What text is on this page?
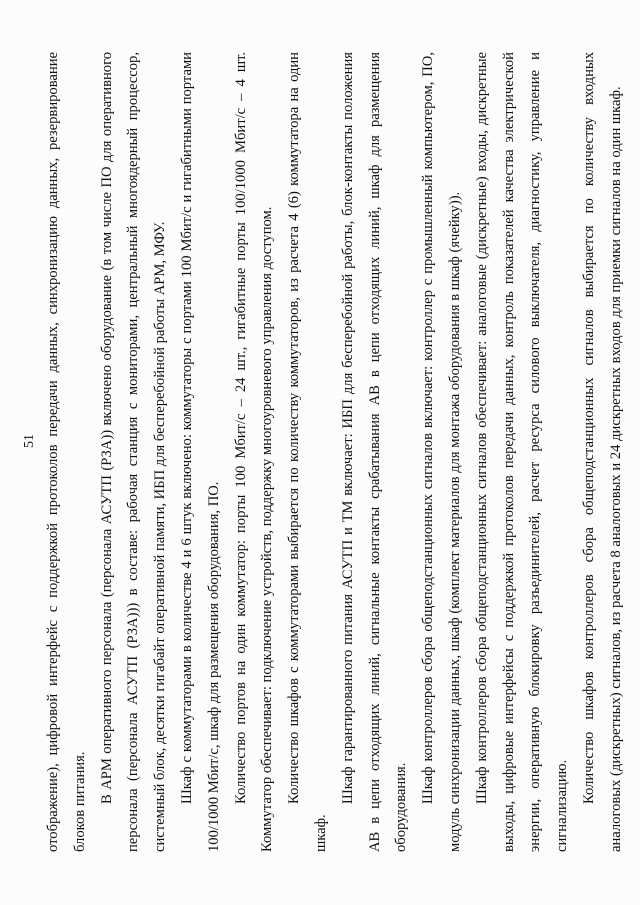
51 отображение), цифровой интерфейс с поддержкой протоколов передачи данных, синхронизацию данных, резервирование блоков питания. В АРМ оперативного персонала (персонала АСУТП (РЗА)) включено оборудование (в том числе ПО для оперативного персонала (персонала АСУТП (РЗА))) в составе: рабочая станция с мониторами, центральный многоядерный процессор, системный блок, десятки гигабайт оперативной памяти, ИБП для бесперебойной работы АРМ, МФУ. Шкаф с коммутаторами в количестве 4 и 6 штук включено: коммутаторы с портами 100 Мбит/с и гигабитными портами 100/1000 Мбит/с, шкаф для размещения оборудования, ПО. Количество портов на один коммутатор: порты 100 Мбит/с – 24 шт., гигабитные порты 100/1000 Мбит/с – 4 шт. Коммутатор обеспечивает: подключение устройств, поддержку многоуровневого управления доступом. Количество шкафов с коммутаторами выбирается по количеству коммутаторов, из расчета 4 (6) коммутатора на один шкаф.

Шкаф гарантированного питания АСУТП и ТМ включает: ИБП для бесперебойной работы, блок-контакты положения АВ в цепи отходящих линий, сигнальные контакты срабатывания АВ в цепи отходящих линий, шкаф для размещения оборудования.

Шкаф контроллеров сбора общеподстанционных сигналов включает: контроллер с промышленный компьютером, ПО, модуль синхронизации данных, шкаф (комплект материалов для монтажа оборудования в шкаф (ячейку)). Шкаф контроллеров сбора общеподстанционных сигналов обеспечивает: аналоговые (дискретные) входы, дискретные выходы, цифровые интерфейсы с поддержкой протоколов передачи данных, контроль показателей качества электрической энергии, оперативную блокировку разъединителей, расчет ресурса силового выключателя, диагностику, управление и сигнализацию.

Количество шкафов контроллеров сбора общеподстанционных сигналов выбирается по количеству входных аналоговых (дискретных) сигналов, из расчета 8 аналоговых и 24 дискретных входов для приемки сигналов на один шкаф.
